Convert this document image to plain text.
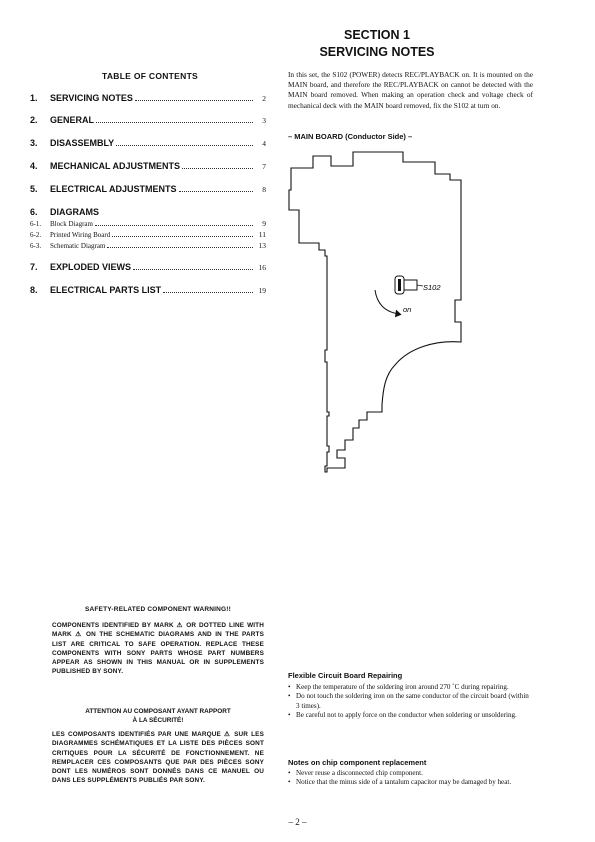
SECTION 1
SERVICING NOTES
TABLE OF CONTENTS
1.	SERVICING NOTES	2
2.	GENERAL	3
3.	DISASSEMBLY	4
4.	MECHANICAL ADJUSTMENTS	7
5.	ELECTRICAL ADJUSTMENTS	8
6.	DIAGRAMS
6-1.	Block Diagram	9
6-2.	Printed Wiring Board	11
6-3.	Schematic Diagram	13
7.	EXPLODED VIEWS	16
8.	ELECTRICAL PARTS LIST	19
In this set, the S102 (POWER) detects REC/PLAYBACK on. It is mounted on the MAIN board, and therefore the REC/PLAYBACK on cannot be detected with the MAIN board removed. When making an operation check and voltage check of mechanical deck with the MAIN board removed, fix the S102 at turn on.
– MAIN BOARD (Conductor Side) –
S102
on
SAFETY-RELATED COMPONENT WARNING!!
COMPONENTS IDENTIFIED BY MARK ⚠ OR DOTTED LINE WITH MARK ⚠ ON THE SCHEMATIC DIAGRAMS AND IN THE PARTS LIST ARE CRITICAL TO SAFE OPERATION. REPLACE THESE COMPONENTS WITH SONY PARTS WHOSE PART NUMBERS APPEAR AS SHOWN IN THIS MANUAL OR IN SUPPLEMENTS PUBLISHED BY SONY.
ATTENTION AU COMPOSANT AYANT RAPPORT
À LA SÉCURITÉ!
LES COMPOSANTS IDENTIFIÉS PAR UNE MARQUE ⚠ SUR LES DIAGRAMMES SCHÉMATIQUES ET LA LISTE DES PIÈCES SONT CRITIQUES POUR LA SÉCURITÉ DE FONCTIONNEMENT. NE REMPLACER CES COMPOSANTS QUE PAR DES PIÈCES SONY DONT LES NUMÉROS SONT DONNÉS DANS CE MANUEL OU DANS LES SUPPLÉMENTS PUBLIÉS PAR SONY.
Flexible Circuit Board Repairing
• Keep the temperature of the soldering iron around 270 ˚C during repairing.
• Do not touch the soldering iron on the same conductor of the circuit board (within 3 times).
• Be careful not to apply force on the conductor when soldering or unsoldering.
Notes on chip component replacement
• Never reuse a disconnected chip component.
• Notice that the minus side of a tantalum capacitor may be damaged by heat.
– 2 –
